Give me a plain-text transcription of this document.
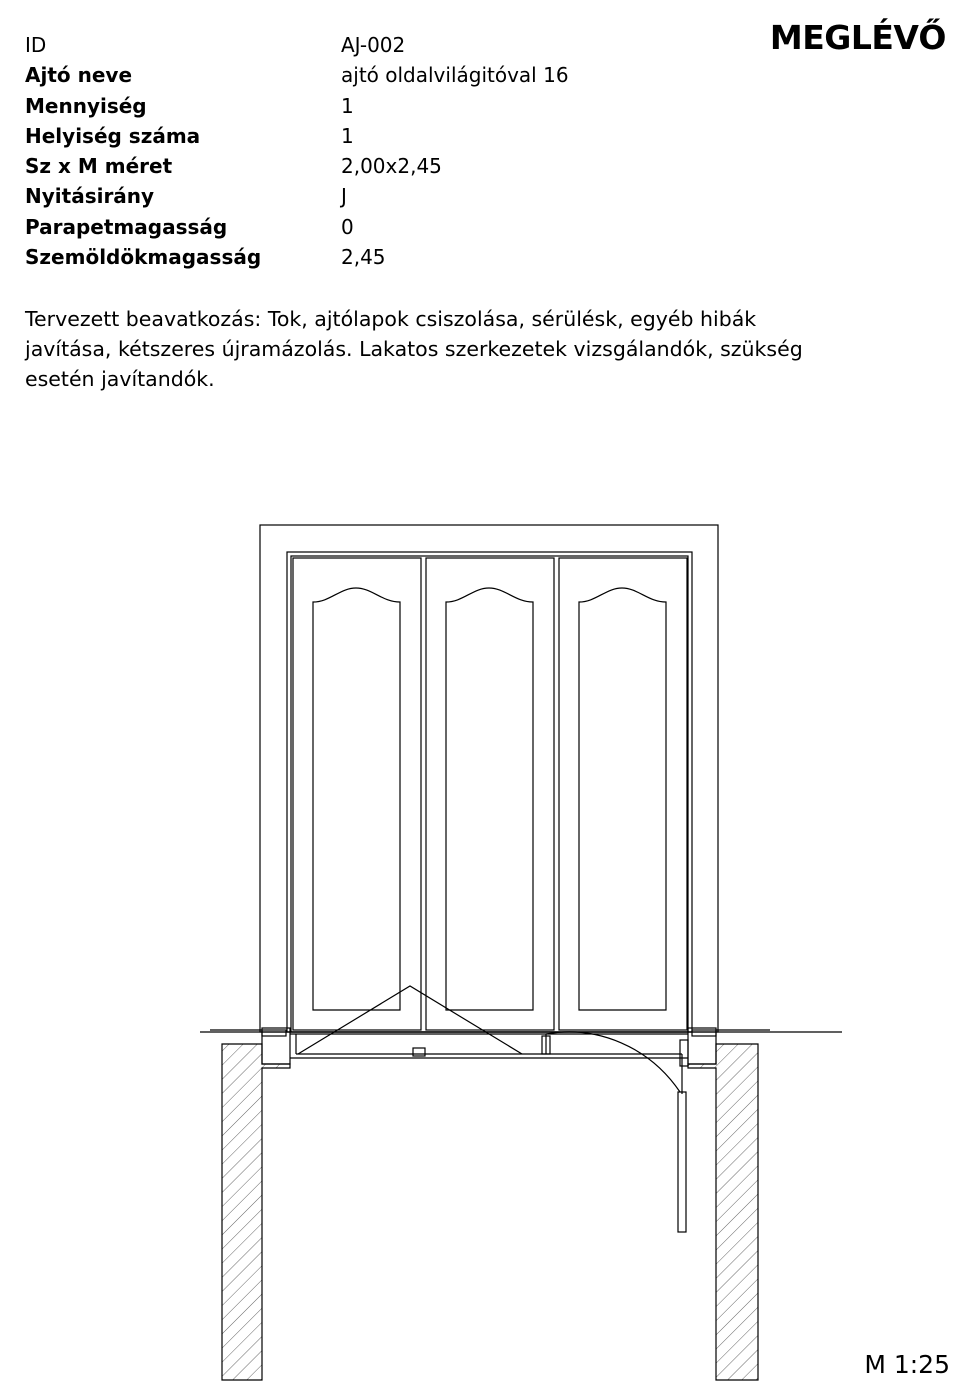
MEGLÉVŐ
ID	AJ-002
Ajtó neve	ajtó oldalvilágitóval 16
Mennyiség	1
Helyiség száma	1
Sz x M méret	2,00x2,45
Nyitásirány	J
Parapetmagasság	0
Szemöldökmagasság	2,45
Tervezett beavatkozás: Tok, ajtólapok csiszolása, sérülésk, egyéb hibák javítása, kétszeres újramázolás. Lakatos szerkezetek vizsgálandók, szükség esetén javítandók.
M 1:25
